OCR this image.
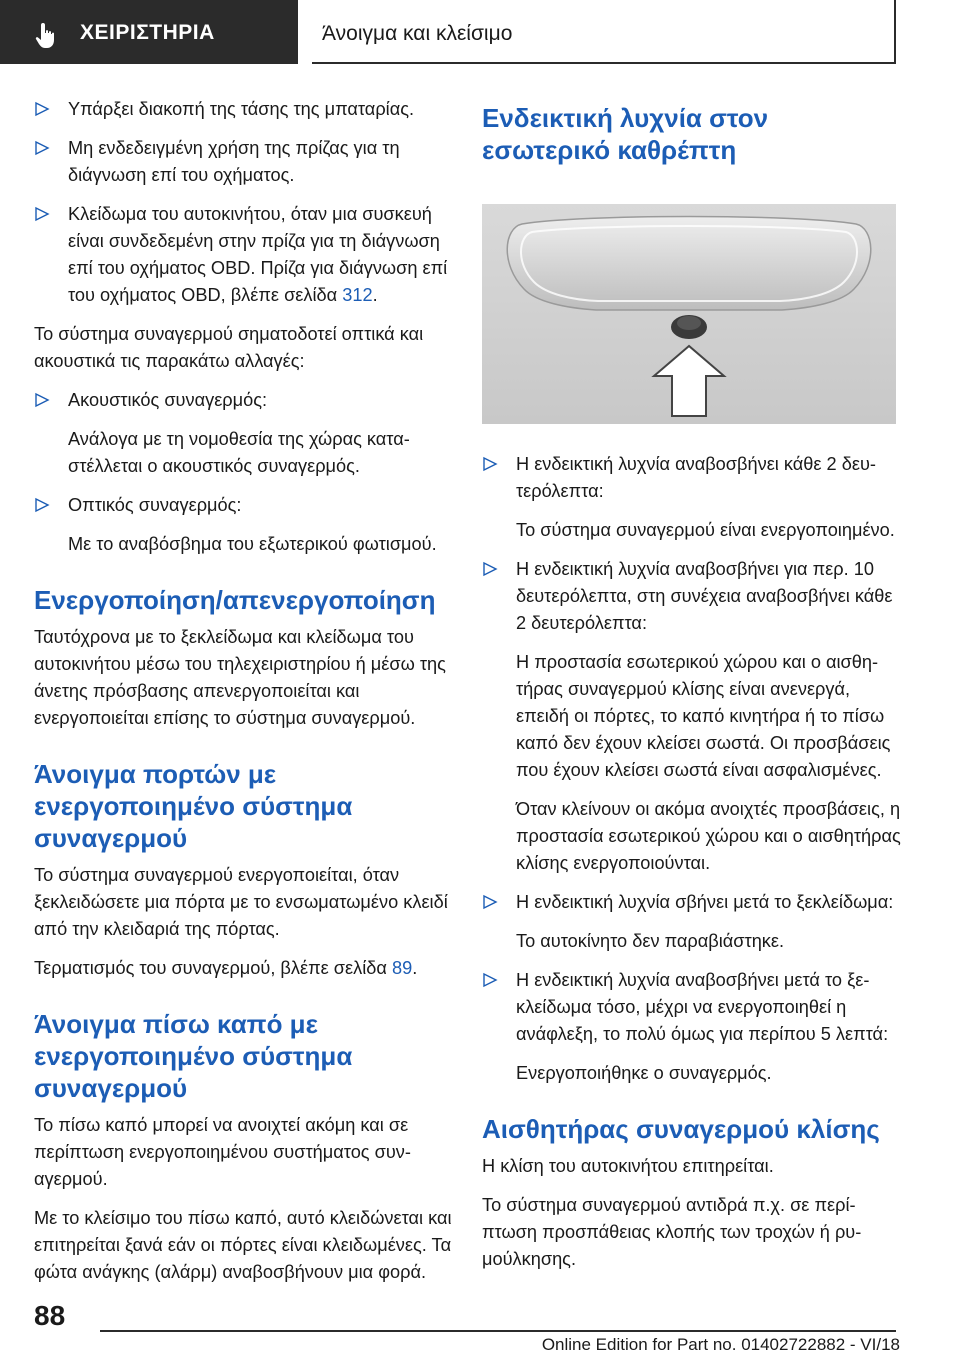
ΧΕΙΡΙΣΤΗΡΙΑ	Άνοιγμα και κλείσιμο
Υπάρξει διακοπή της τάσης της μπαταρίας.
Μη ενδεδειγμένη χρήση της πρίζας για τη διάγνωση επί του οχήματος.
Κλείδωμα του αυτοκινήτου, όταν μια συσκευή είναι συνδεδεμένη στην πρίζα για τη διάγνωση επί του οχήματος OBD. Πρίζα για διάγνωση επί του οχήματος OBD, βλέπε σελίδα 312.

Το σύστημα συναγερμού σηματοδοτεί οπτικά και ακουστικά τις παρακάτω αλλαγές:

Ακουστικός συναγερμός:

Ανάλογα με τη νομοθεσία της χώρας καταστέλλεται ο ακουστικός συναγερμός.

Οπτικός συναγερμός:

Με το αναβόσβημα του εξωτερικού φωτισμού.

Ενεργοποίηση/απενεργοποίηση

Ταυτόχρονα με το ξεκλείδωμα και κλείδωμα του αυτοκινήτου μέσω του τηλεχειριστηρίου ή μέσω της άνετης πρόσβασης απενεργοποιείται και ενεργοποιείται επίσης το σύστημα συναγερμού.

Άνοιγμα πορτών με ενεργοποιημένο σύστημα συναγερμού

Το σύστημα συναγερμού ενεργοποιείται, όταν ξεκλειδώσετε μια πόρτα με το ενσωματωμένο κλειδί από την κλειδαριά της πόρτας.

Τερματισμός του συναγερμού, βλέπε σελίδα 89.

Άνοιγμα πίσω καπό με ενεργοποιημένο σύστημα συναγερμού

Το πίσω καπό μπορεί να ανοιχτεί ακόμη και σε περίπτωση ενεργοποιημένου συστήματος συναγερμού.

Με το κλείσιμο του πίσω καπό, αυτό κλειδώνεται και επιτηρείται ξανά εάν οι πόρτες είναι κλειδωμένες. Τα φώτα ανάγκης (αλάρμ) αναβοσβήνουν μια φορά.

Ενδεικτική λυχνία στον εσωτερικό καθρέπτη
Η ενδεικτική λυχνία αναβοσβήνει κάθε 2 δευτερόλεπτα:

Το σύστημα συναγερμού είναι ενεργοποιημένο.

Η ενδεικτική λυχνία αναβοσβήνει για περ. 10 δευτερόλεπτα, στη συνέχεια αναβοσβήνει κάθε 2 δευτερόλεπτα:

Η προστασία εσωτερικού χώρου και ο αισθητήρας συναγερμού κλίσης είναι ανενεργά, επειδή οι πόρτες, το καπό κινητήρα ή το πίσω καπό δεν έχουν κλείσει σωστά. Οι προσβάσεις που έχουν κλείσει σωστά είναι ασφαλισμένες.

Όταν κλείνουν οι ακόμα ανοιχτές προσβάσεις, η προστασία εσωτερικού χώρου και ο αισθητήρας κλίσης ενεργοποιούνται.

Η ενδεικτική λυχνία σβήνει μετά το ξεκλείδωμα:

Το αυτοκίνητο δεν παραβιάστηκε.

Η ενδεικτική λυχνία αναβοσβήνει μετά το ξεκλείδωμα τόσο, μέχρι να ενεργοποιηθεί η ανάφλεξη, το πολύ όμως για περίπου 5 λεπτά:

Ενεργοποιήθηκε ο συναγερμός.

Αισθητήρας συναγερμού κλίσης

Η κλίση του αυτοκινήτου επιτηρείται.

Το σύστημα συναγερμού αντιδρά π.χ. σε περίπτωση προσπάθειας κλοπής των τροχών ή ρυμούλκησης.

88
Online Edition for Part no. 01402722882 - VI/18
